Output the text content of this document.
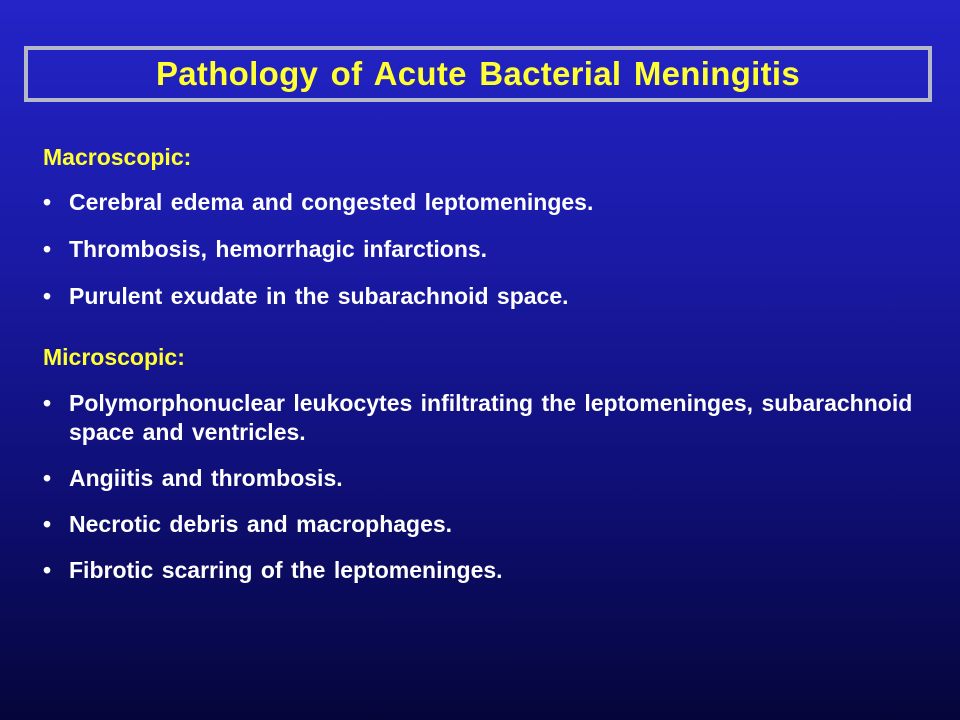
Pathology of Acute Bacterial Meningitis

Macroscopic:

• Cerebral edema and congested leptomeninges.
• Thrombosis, hemorrhagic infarctions.
• Purulent exudate in the subarachnoid space.

Microscopic:

• Polymorphonuclear leukocytes infiltrating the leptomeninges, subarachnoid space and ventricles.
• Angiitis and thrombosis.
• Necrotic debris and macrophages.
• Fibrotic scarring of the leptomeninges.
